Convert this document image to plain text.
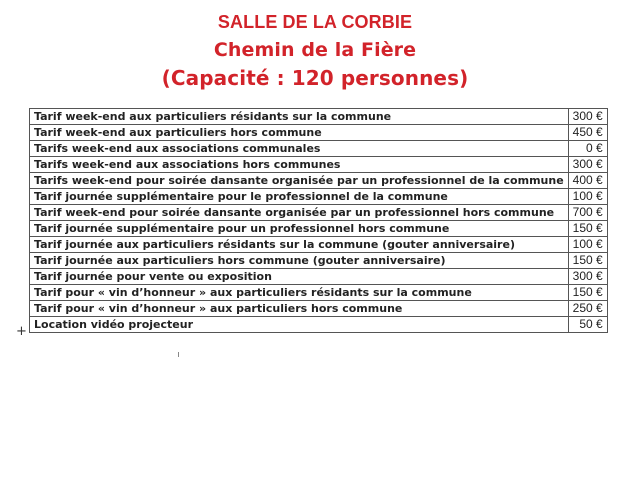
SALLE DE LA CORBIE
Chemin de la Fière
(Capacité : 120 personnes)
Tarif week-end aux particuliers résidants sur la commune	300 €
Tarif week-end aux particuliers hors commune	450 €
Tarifs week-end aux associations communales	0 €
Tarifs week-end aux associations hors communes	300 €
Tarifs week-end pour soirée dansante organisée par un professionnel de la commune	400 €
Tarif journée supplémentaire pour le professionnel de la commune	100 €
Tarif week-end pour soirée dansante organisée par un professionnel hors commune	700 €
Tarif journée supplémentaire pour un professionnel hors commune	150 €
Tarif journée aux particuliers résidants sur la commune (gouter anniversaire)	100 €
Tarif journée aux particuliers hors commune (gouter anniversaire)	150 €
Tarif journée pour vente ou exposition	300 €
Tarif pour « vin d’honneur » aux particuliers résidants sur la commune	150 €
Tarif pour « vin d’honneur » aux particuliers hors commune	250 €
Location vidéo projecteur	50 €
+
